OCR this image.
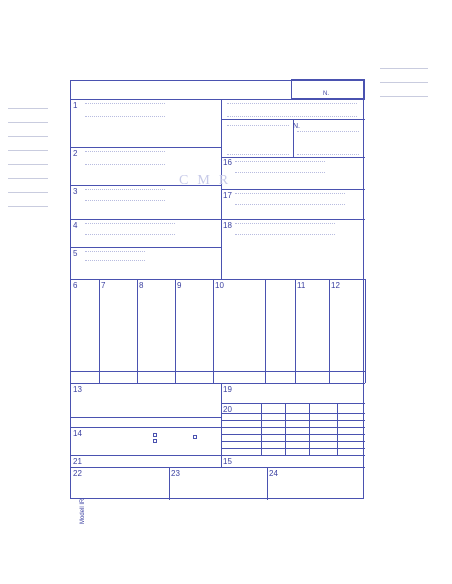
N.
CMR
N.
1
2
3
4
5
16
17
18
6	7	8	9	10	11	12
13	19
20
14
21	15
22	23	24
